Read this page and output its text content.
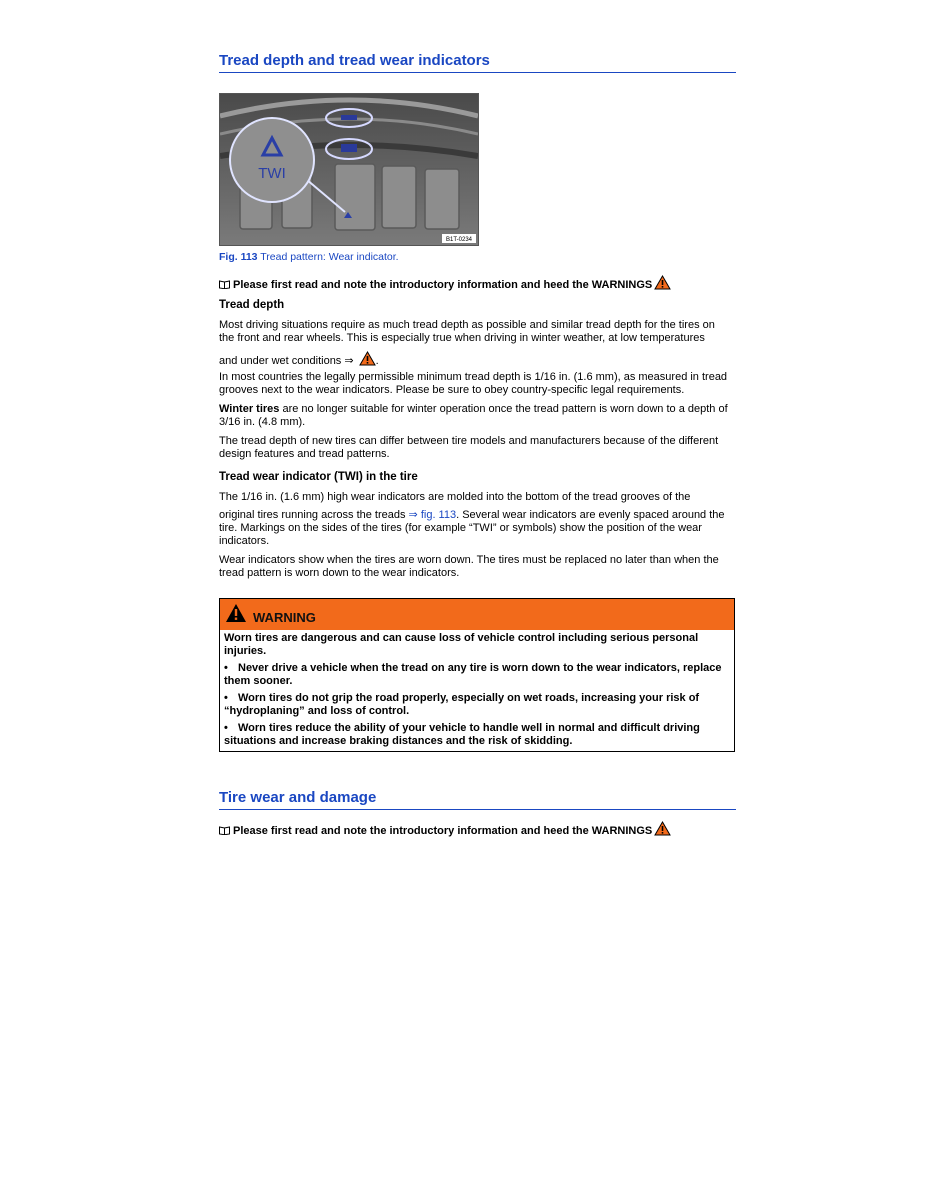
Tread depth and tread wear indicators
TWI
B1T-0234
Fig. 113 Tread pattern: Wear indicator.
Please first read and note the introductory information and heed the WARNINGS
Tread depth
Most driving situations require as much tread depth as possible and similar tread depth for the tires on
the front and rear wheels. This is especially true when driving in winter weather, at low temperatures
and under wet conditions ⇒ .
In most countries the legally permissible minimum tread depth is 1/16 in. (1.6 mm), as measured in tread grooves next to the wear indicators. Please be sure to obey country-specific legal requirements.
Winter tires are no longer suitable for winter operation once the tread pattern is worn down to a depth of 3/16 in. (4.8 mm).
The tread depth of new tires can differ between tire models and manufacturers because of the different design features and tread patterns.
Tread wear indicator (TWI) in the tire
The 1/16 in. (1.6 mm) high wear indicators are molded into the bottom of the tread grooves of the
original tires running across the treads ⇒ fig. 113. Several wear indicators are evenly spaced around the tire. Markings on the sides of the tires (for example “TWI” or symbols) show the position of the wear indicators.
Wear indicators show when the tires are worn down. The tires must be replaced no later than when the tread pattern is worn down to the wear indicators.
WARNING
Worn tires are dangerous and can cause loss of vehicle control including serious personal injuries.
• Never drive a vehicle when the tread on any tire is worn down to the wear indicators, replace them sooner.
• Worn tires do not grip the road properly, especially on wet roads, increasing your risk of “hydroplaning” and loss of control.
• Worn tires reduce the ability of your vehicle to handle well in normal and difficult driving situations and increase braking distances and the risk of skidding.
Tire wear and damage
Please first read and note the introductory information and heed the WARNINGS
